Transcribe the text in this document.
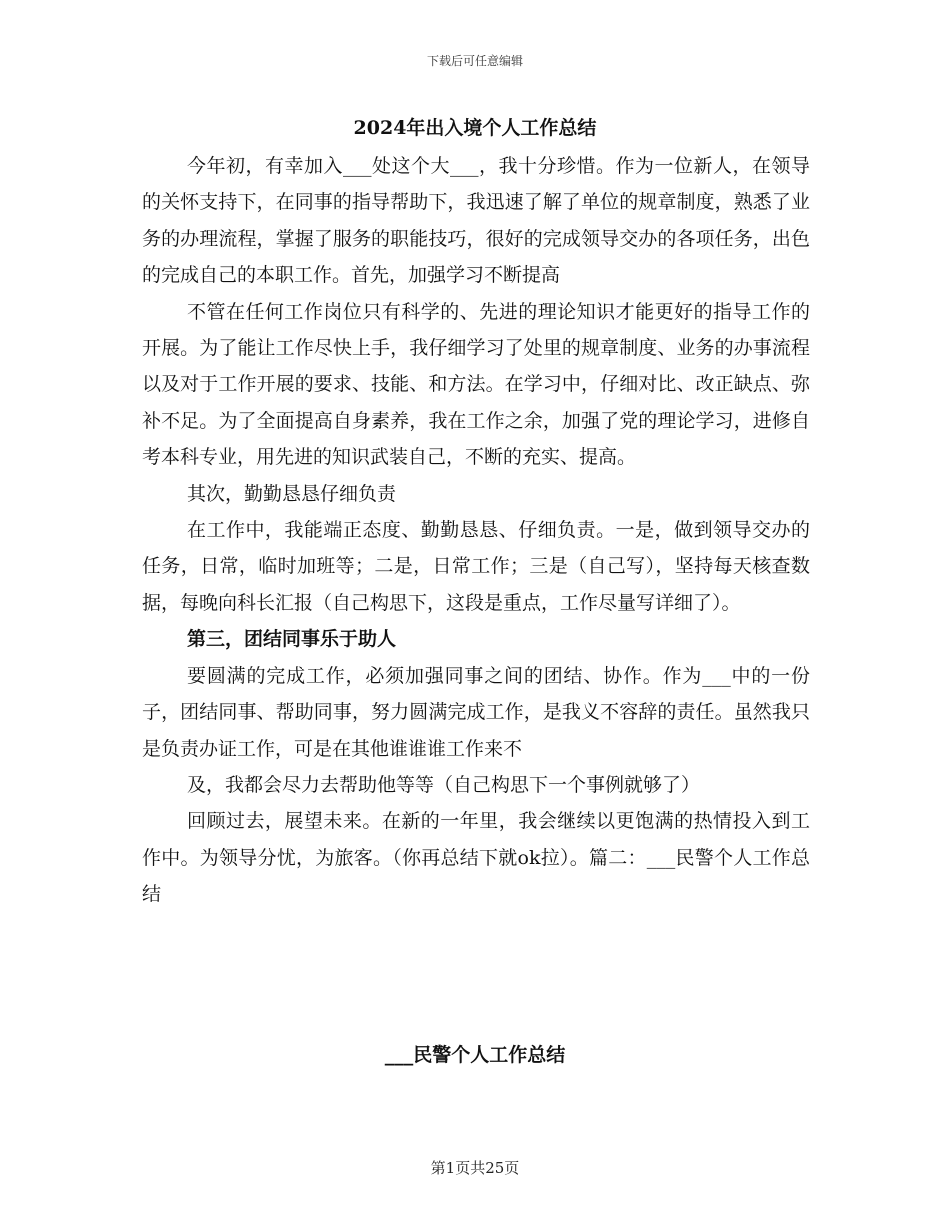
下载后可任意编辑
2024年出入境个人工作总结

今年初，有幸加入___处这个大___，我十分珍惜。作为一位新人，在领导的关怀支持下，在同事的指导帮助下，我迅速了解了单位的规章制度，熟悉了业务的办理流程，掌握了服务的职能技巧，很好的完成领导交办的各项任务，出色的完成自己的本职工作。首先，加强学习不断提高

不管在任何工作岗位只有科学的、先进的理论知识才能更好的指导工作的开展。为了能让工作尽快上手，我仔细学习了处里的规章制度、业务的办事流程以及对于工作开展的要求、技能、和方法。在学习中，仔细对比、改正缺点、弥补不足。为了全面提高自身素养，我在工作之余，加强了党的理论学习，进修自考本科专业，用先进的知识武装自己，不断的充实、提高。

其次，勤勤恳恳仔细负责

在工作中，我能端正态度、勤勤恳恳、仔细负责。一是，做到领导交办的任务，日常，临时加班等；二是，日常工作；三是（自己写），坚持每天核查数据，每晚向科长汇报（自己构思下，这段是重点，工作尽量写详细了）。

第三，团结同事乐于助人

要圆满的完成工作，必须加强同事之间的团结、协作。作为___中的一份子，团结同事、帮助同事，努力圆满完成工作，是我义不容辞的责任。虽然我只是负责办证工作，可是在其他谁谁谁工作来不

及，我都会尽力去帮助他等等（自己构思下一个事例就够了）

回顾过去，展望未来。在新的一年里，我会继续以更饱满的热情投入到工作中。为领导分忧，为旅客。（你再总结下就ok拉）。篇二：___民警个人工作总结

___民警个人工作总结
第1页共25页
